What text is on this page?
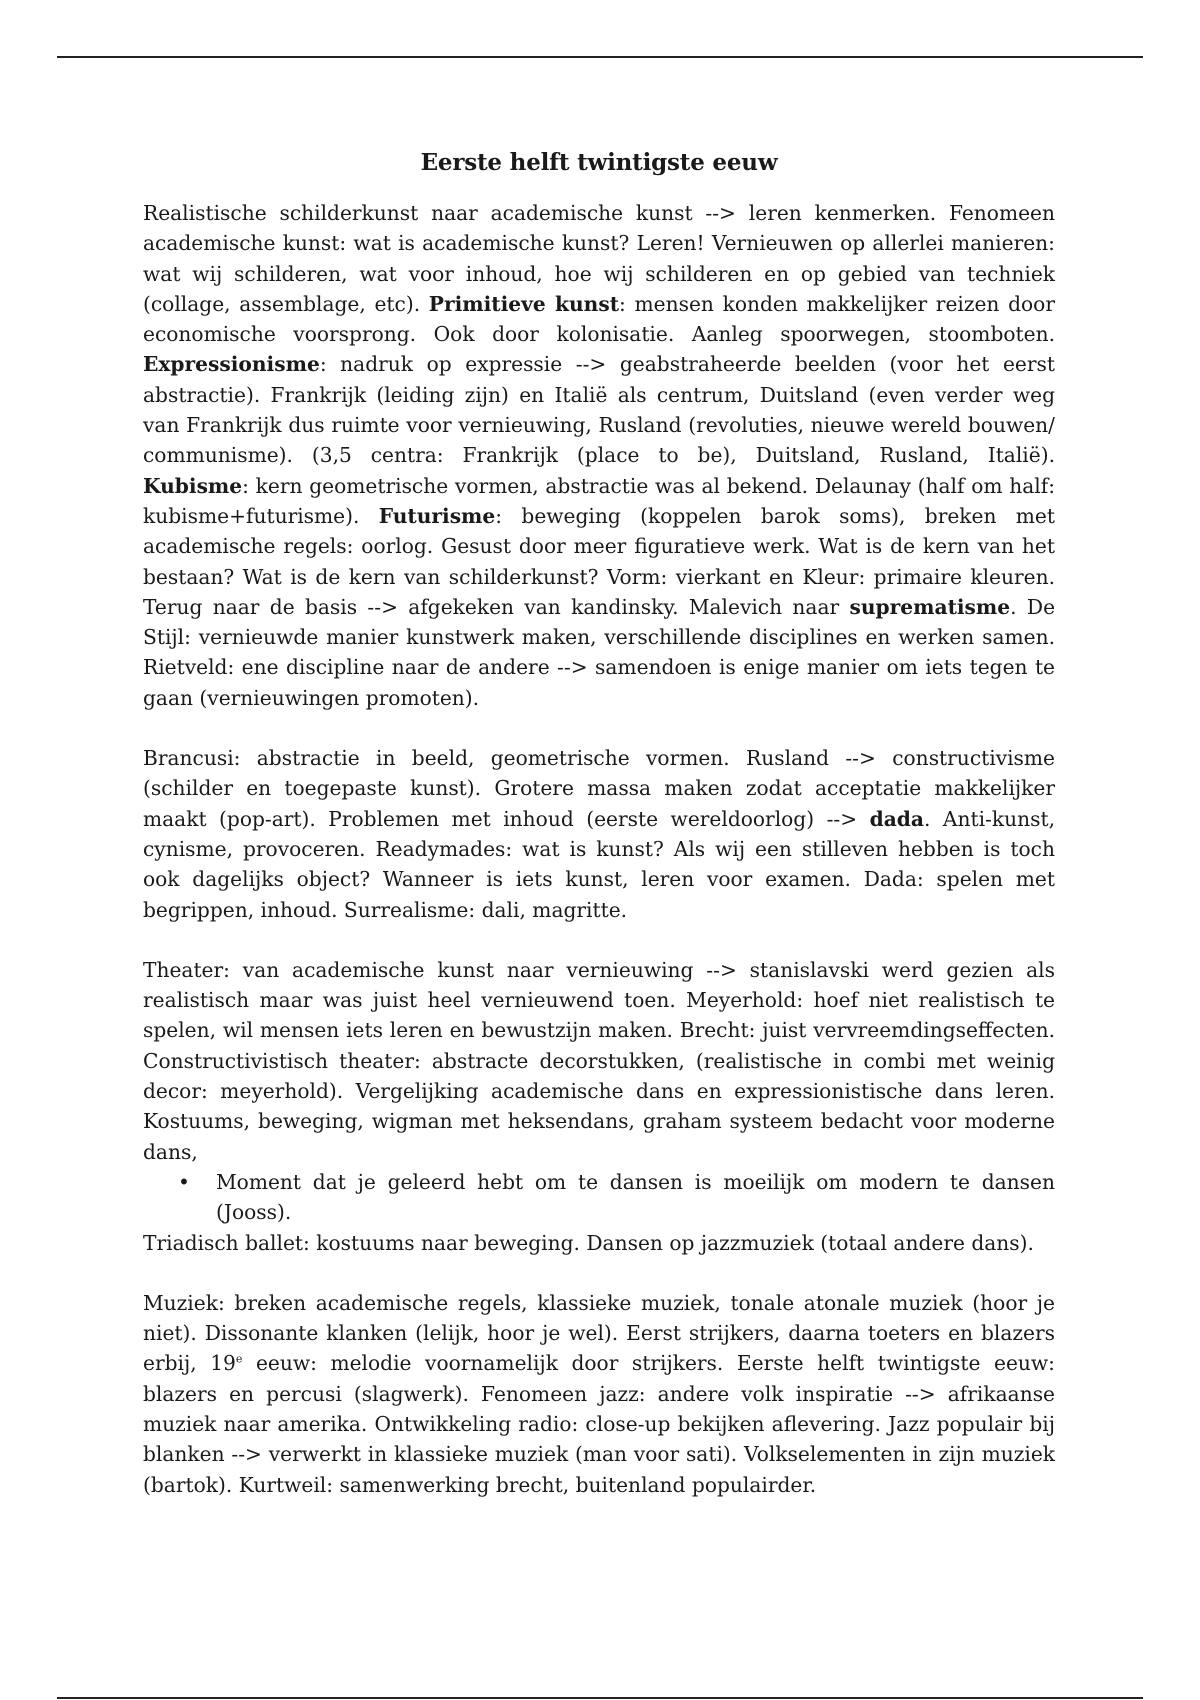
Eerste helft twintigste eeuw

Realistische schilderkunst naar academische kunst --> leren kenmerken. Fenomeen academische kunst: wat is academische kunst? Leren! Vernieuwen op allerlei manieren: wat wij schilderen, wat voor inhoud, hoe wij schilderen en op gebied van techniek (collage, assemblage, etc). Primitieve kunst: mensen konden makkelijker reizen door economische voorsprong. Ook door kolonisatie. Aanleg spoorwegen, stoomboten. Expressionisme: nadruk op expressie --> geabstraheerde beelden (voor het eerst abstractie). Frankrijk (leiding zijn) en Italië als centrum, Duitsland (even verder weg van Frankrijk dus ruimte voor vernieuwing, Rusland (revoluties, nieuwe wereld bouwen/ communisme). (3,5 centra: Frankrijk (place to be), Duitsland, Rusland, Italië). Kubisme: kern geometrische vormen, abstractie was al bekend. Delaunay (half om half: kubisme+futurisme). Futurisme: beweging (koppelen barok soms), breken met academische regels: oorlog. Gesust door meer figuratieve werk. Wat is de kern van het bestaan? Wat is de kern van schilderkunst? Vorm: vierkant en Kleur: primaire kleuren. Terug naar de basis --> afgekeken van kandinsky. Malevich naar suprematisme. De Stijl: vernieuwde manier kunstwerk maken, verschillende disciplines en werken samen. Rietveld: ene discipline naar de andere --> samendoen is enige manier om iets tegen te gaan (vernieuwingen promoten).

Brancusi: abstractie in beeld, geometrische vormen. Rusland --> constructivisme (schilder en toegepaste kunst). Grotere massa maken zodat acceptatie makkelijker maakt (pop-art). Problemen met inhoud (eerste wereldoorlog) --> dada. Anti-kunst, cynisme, provoceren. Readymades: wat is kunst? Als wij een stilleven hebben is toch ook dagelijks object? Wanneer is iets kunst, leren voor examen. Dada: spelen met begrippen, inhoud. Surrealisme: dali, magritte.

Theater: van academische kunst naar vernieuwing --> stanislavski werd gezien als realistisch maar was juist heel vernieuwend toen. Meyerhold: hoef niet realistisch te spelen, wil mensen iets leren en bewustzijn maken. Brecht: juist vervreemdingseffecten. Constructivistisch theater: abstracte decorstukken, (realistische in combi met weinig decor: meyerhold). Vergelijking academische dans en expressionistische dans leren. Kostuums, beweging, wigman met heksendans, graham systeem bedacht voor moderne dans,

• Moment dat je geleerd hebt om te dansen is moeilijk om modern te dansen (Jooss).

Triadisch ballet: kostuums naar beweging. Dansen op jazzmuziek (totaal andere dans).

Muziek: breken academische regels, klassieke muziek, tonale atonale muziek (hoor je niet). Dissonante klanken (lelijk, hoor je wel). Eerst strijkers, daarna toeters en blazers erbij, 19e eeuw: melodie voornamelijk door strijkers. Eerste helft twintigste eeuw: blazers en percusi (slagwerk). Fenomeen jazz: andere volk inspiratie --> afrikaanse muziek naar amerika. Ontwikkeling radio: close-up bekijken aflevering. Jazz populair bij blanken --> verwerkt in klassieke muziek (man voor sati). Volkselementen in zijn muziek (bartok). Kurtweil: samenwerking brecht, buitenland populairder.
